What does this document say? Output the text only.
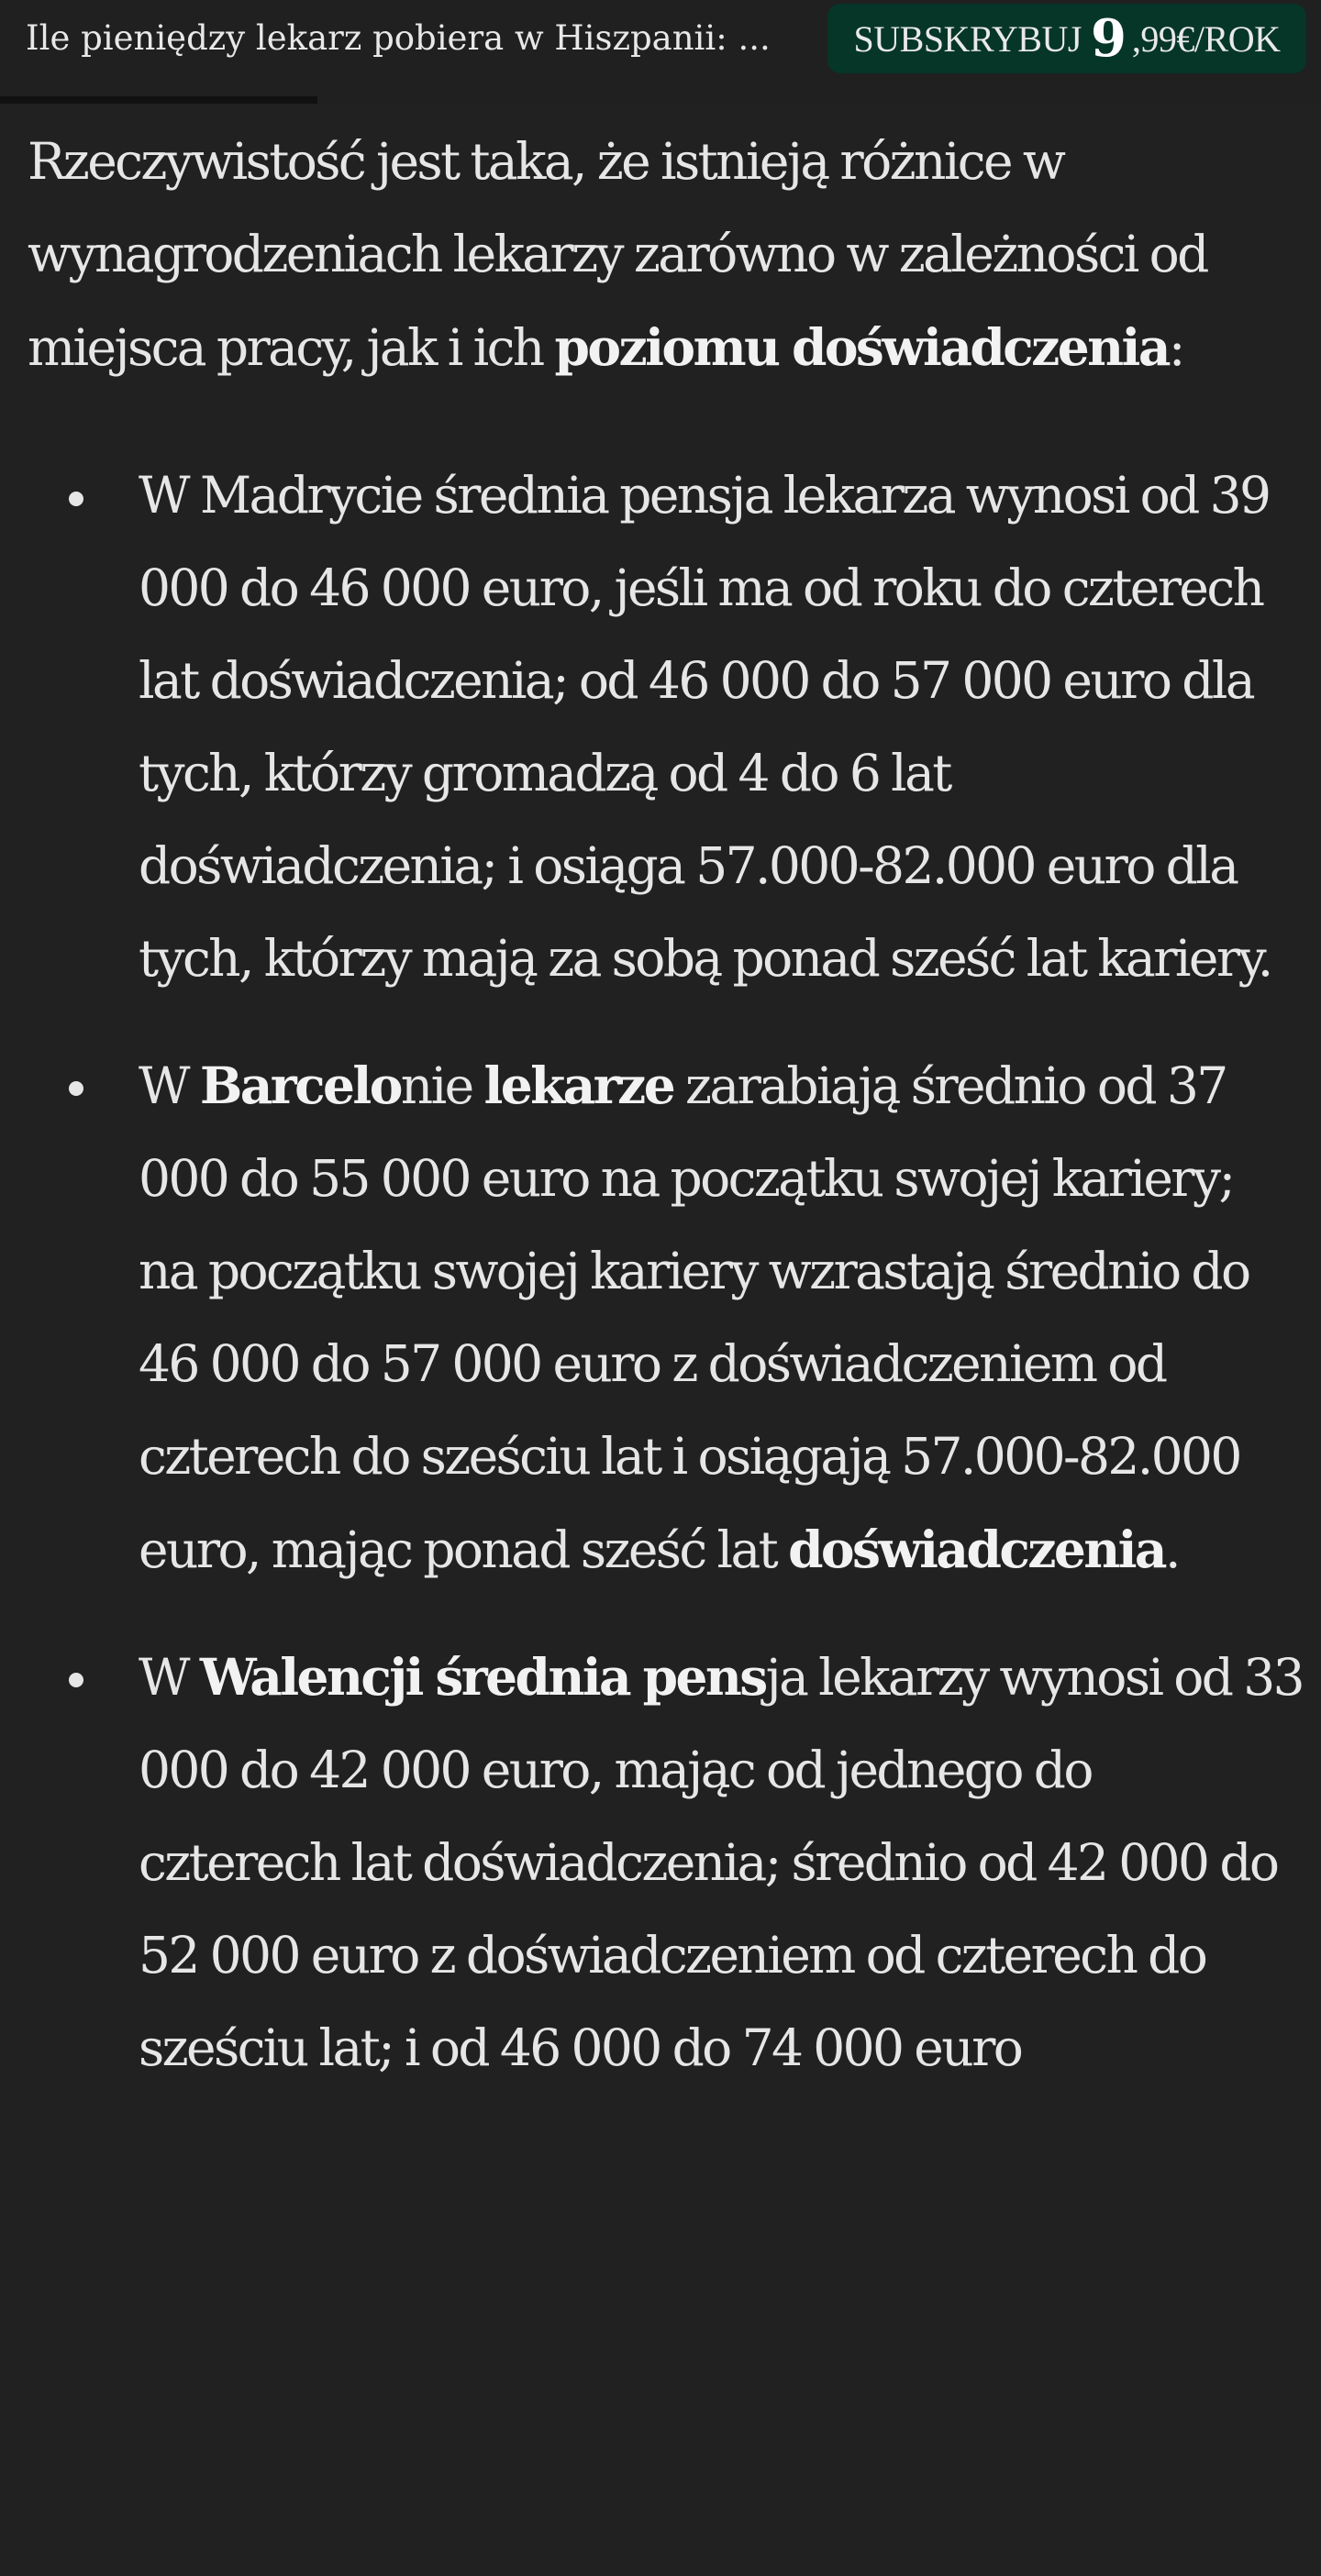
Ile pieniędzy lekarz pobiera w Hiszpanii: ...	SUBSKRYBUJ 9 ,99€/ROK

Rzeczywistość jest taka, że istnieją różnice w wynagrodzeniach lekarzy zarówno w zależności od miejsca pracy, jak i ich poziomu doświadczenia:

W Madrycie średnia pensja lekarza wynosi od 39 000 do 46 000 euro, jeśli ma od roku do czterech lat doświadczenia; od 46 000 do 57 000 euro dla tych, którzy gromadzą od 4 do 6 lat doświadczenia; i osiąga 57.000-82.000 euro dla tych, którzy mają za sobą ponad sześć lat kariery.
W Barcelonie lekarze zarabiają średnio od 37 000 do 55 000 euro na początku swojej kariery; na początku swojej kariery wzrastają średnio do 46 000 do 57 000 euro z doświadczeniem od czterech do sześciu lat i osiągają 57.000-82.000 euro, mając ponad sześć lat doświadczenia.
W Walencji średnia pensja lekarzy wynosi od 33 000 do 42 000 euro, mając od jednego do czterech lat doświadczenia; średnio od 42 000 do 52 000 euro z doświadczeniem od czterech do sześciu lat; i od 46 000 do 74 000 euro
